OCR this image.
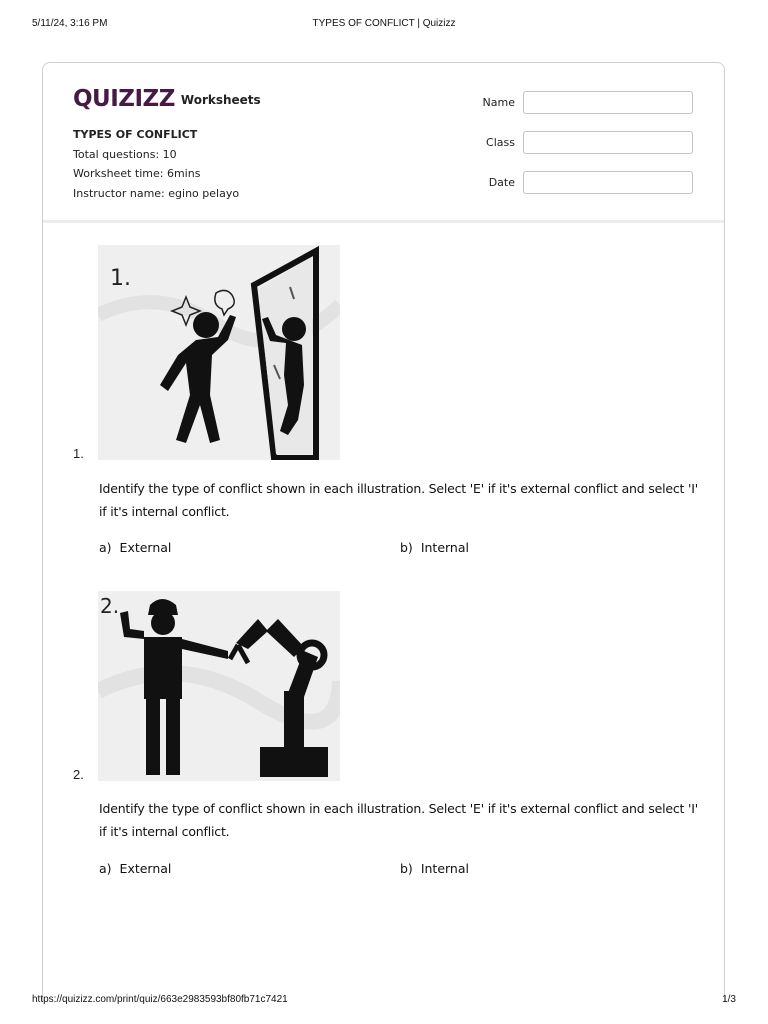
5/11/24, 3:16 PM	TYPES OF CONFLICT | Quizizz
QUIZIZZ Worksheets
TYPES OF CONFLICT
Total questions: 10
Worksheet time: 6mins
Instructor name: egino pelayo
Name
Class
Date
1.
1.
Identify the type of conflict shown in each illustration. Select 'E' if it's external conflict and select 'I' if it's internal conflict.
a) External	b) Internal
2.
2.
Identify the type of conflict shown in each illustration. Select 'E' if it's external conflict and select 'I' if it's internal conflict.
a) External	b) Internal
https://quizizz.com/print/quiz/663e2983593bf80fb71c7421	1/3
